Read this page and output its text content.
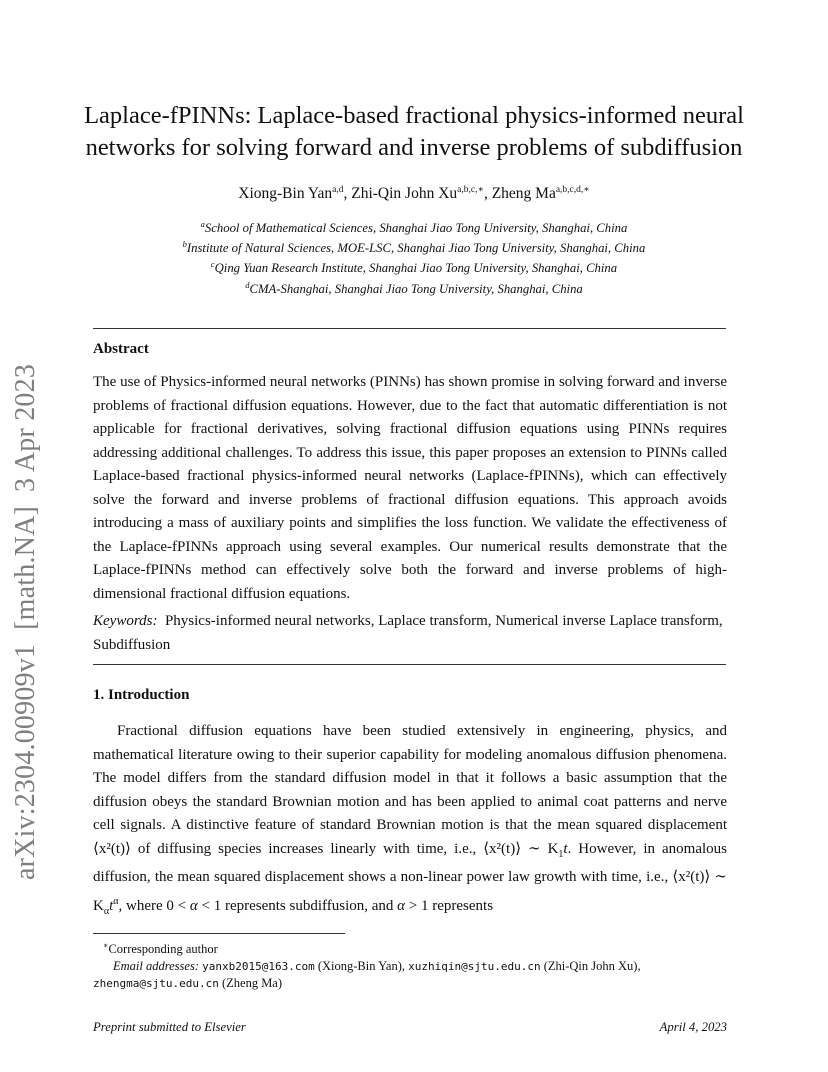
arXiv:2304.00909v1[math.NA]3 Apr 2023
Laplace-fPINNs: Laplace-based fractional physics-informed neural
networks for solving forward and inverse problems of subdiffusion
Xiong-Bin Yan$^{a,d}$, Zhi-Qin John $Xu^{a,b,c,∗}$, Zheng $Ma^{a,b,c,d,∗}$
$^a$School of Mathematical Sciences, Shanghai Jiao Tong University, Shanghai, China
$^b$Institute of Natural Sciences, MOE-LSC, Shanghai Jiao Tong University, Shanghai, China
$^c$Qing Yuan Research Institute, Shanghai Jiao Tong University, Shanghai, China
$^d$CMA-Shanghai, Shanghai Jiao Tong University, Shanghai, China
Abstract

The use of Physics-informed neural networks (PINNs) has shown promise in solving forward and inverse problems of fractional diffusion equations. However, due to the fact that automatic differentiation is not applicable for fractional derivatives, solving fractional diffusion equations using PINNs requires addressing additional challenges. To address this issue, this paper proposes an extension to PINNs called Laplace-based fractional physics-informed neural networks (Laplace-fPINNs), which can effectively solve the forward and inverse problems of fractional diffusion equations. This approach avoids introducing a mass of auxiliary points and simplifies the loss function. We validate the effectiveness of the Laplace-fPINNs approach using several examples. Our numerical results demonstrate that the Laplace-fPINNs method can effectively solve both the forward and inverse problems of high-dimensional fractional diffusion equations.

Keywords: Physics-informed neural networks, Laplace transform, Numerical inverse Laplace transform, Subdiffusion

1. Introduction

Fractional diffusion equations have been studied extensively in engineering, physics, and mathematical literature owing to their superior capability for modeling anomalous diffusion phenomena. The model differs from the standard diffusion model in that it follows a basic assumption that the diffusion obeys the standard Brownian motion and has been applied to animal coat patterns and nerve cell signals. A distinctive feature of standard Brownian motion is that the mean squared displacement ⟨x²(t)⟩ of diffusing species increases linearly with time, i.e., ⟨x²(t)⟩ ∼ $K_1t$. However, in anomalous diffusion, the mean squared displacement shows a non-linear power law growth with time, i.e., ⟨x²(t)⟩ ∼ $K_\alpha t^\alpha$, where 0 < α < 1 represents subdiffusion, and α > 1 represents

∗Corresponding author
Email addresses: yanxb2015@163.com (Xiong-Bin Yan), xuzhiqin@sjtu.edu.cn (Zhi-Qin John Xu),
zhengma@sjtu.edu.cn (Zheng Ma)
Preprint submitted to Elsevier	April 4, 2023
